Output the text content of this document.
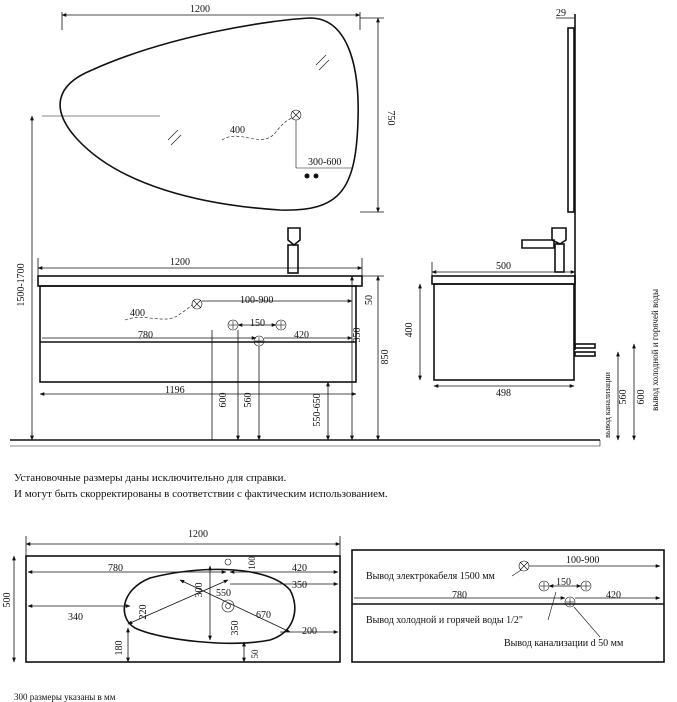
1200
750
400
300-600
1500-1700
1200
400
100-900
150
780	420
50
350
850
1196
600 560	550-650
29
500
400
498	560 600
вывод канализации	вывод холодной и горячей воды
1200
500
780	420
100
350
300 550
220
340	670
350	200
180	50
100-900
Вывод электрокабеля 1500 мм
150
780	420
Вывод холодной и горячей воды 1/2"
Вывод канализации d 50 мм
Установочные размеры даны исключительно для справки.
И могут быть скорректированы в соответствии с фактическим использованием.
300 размеры указаны в мм
